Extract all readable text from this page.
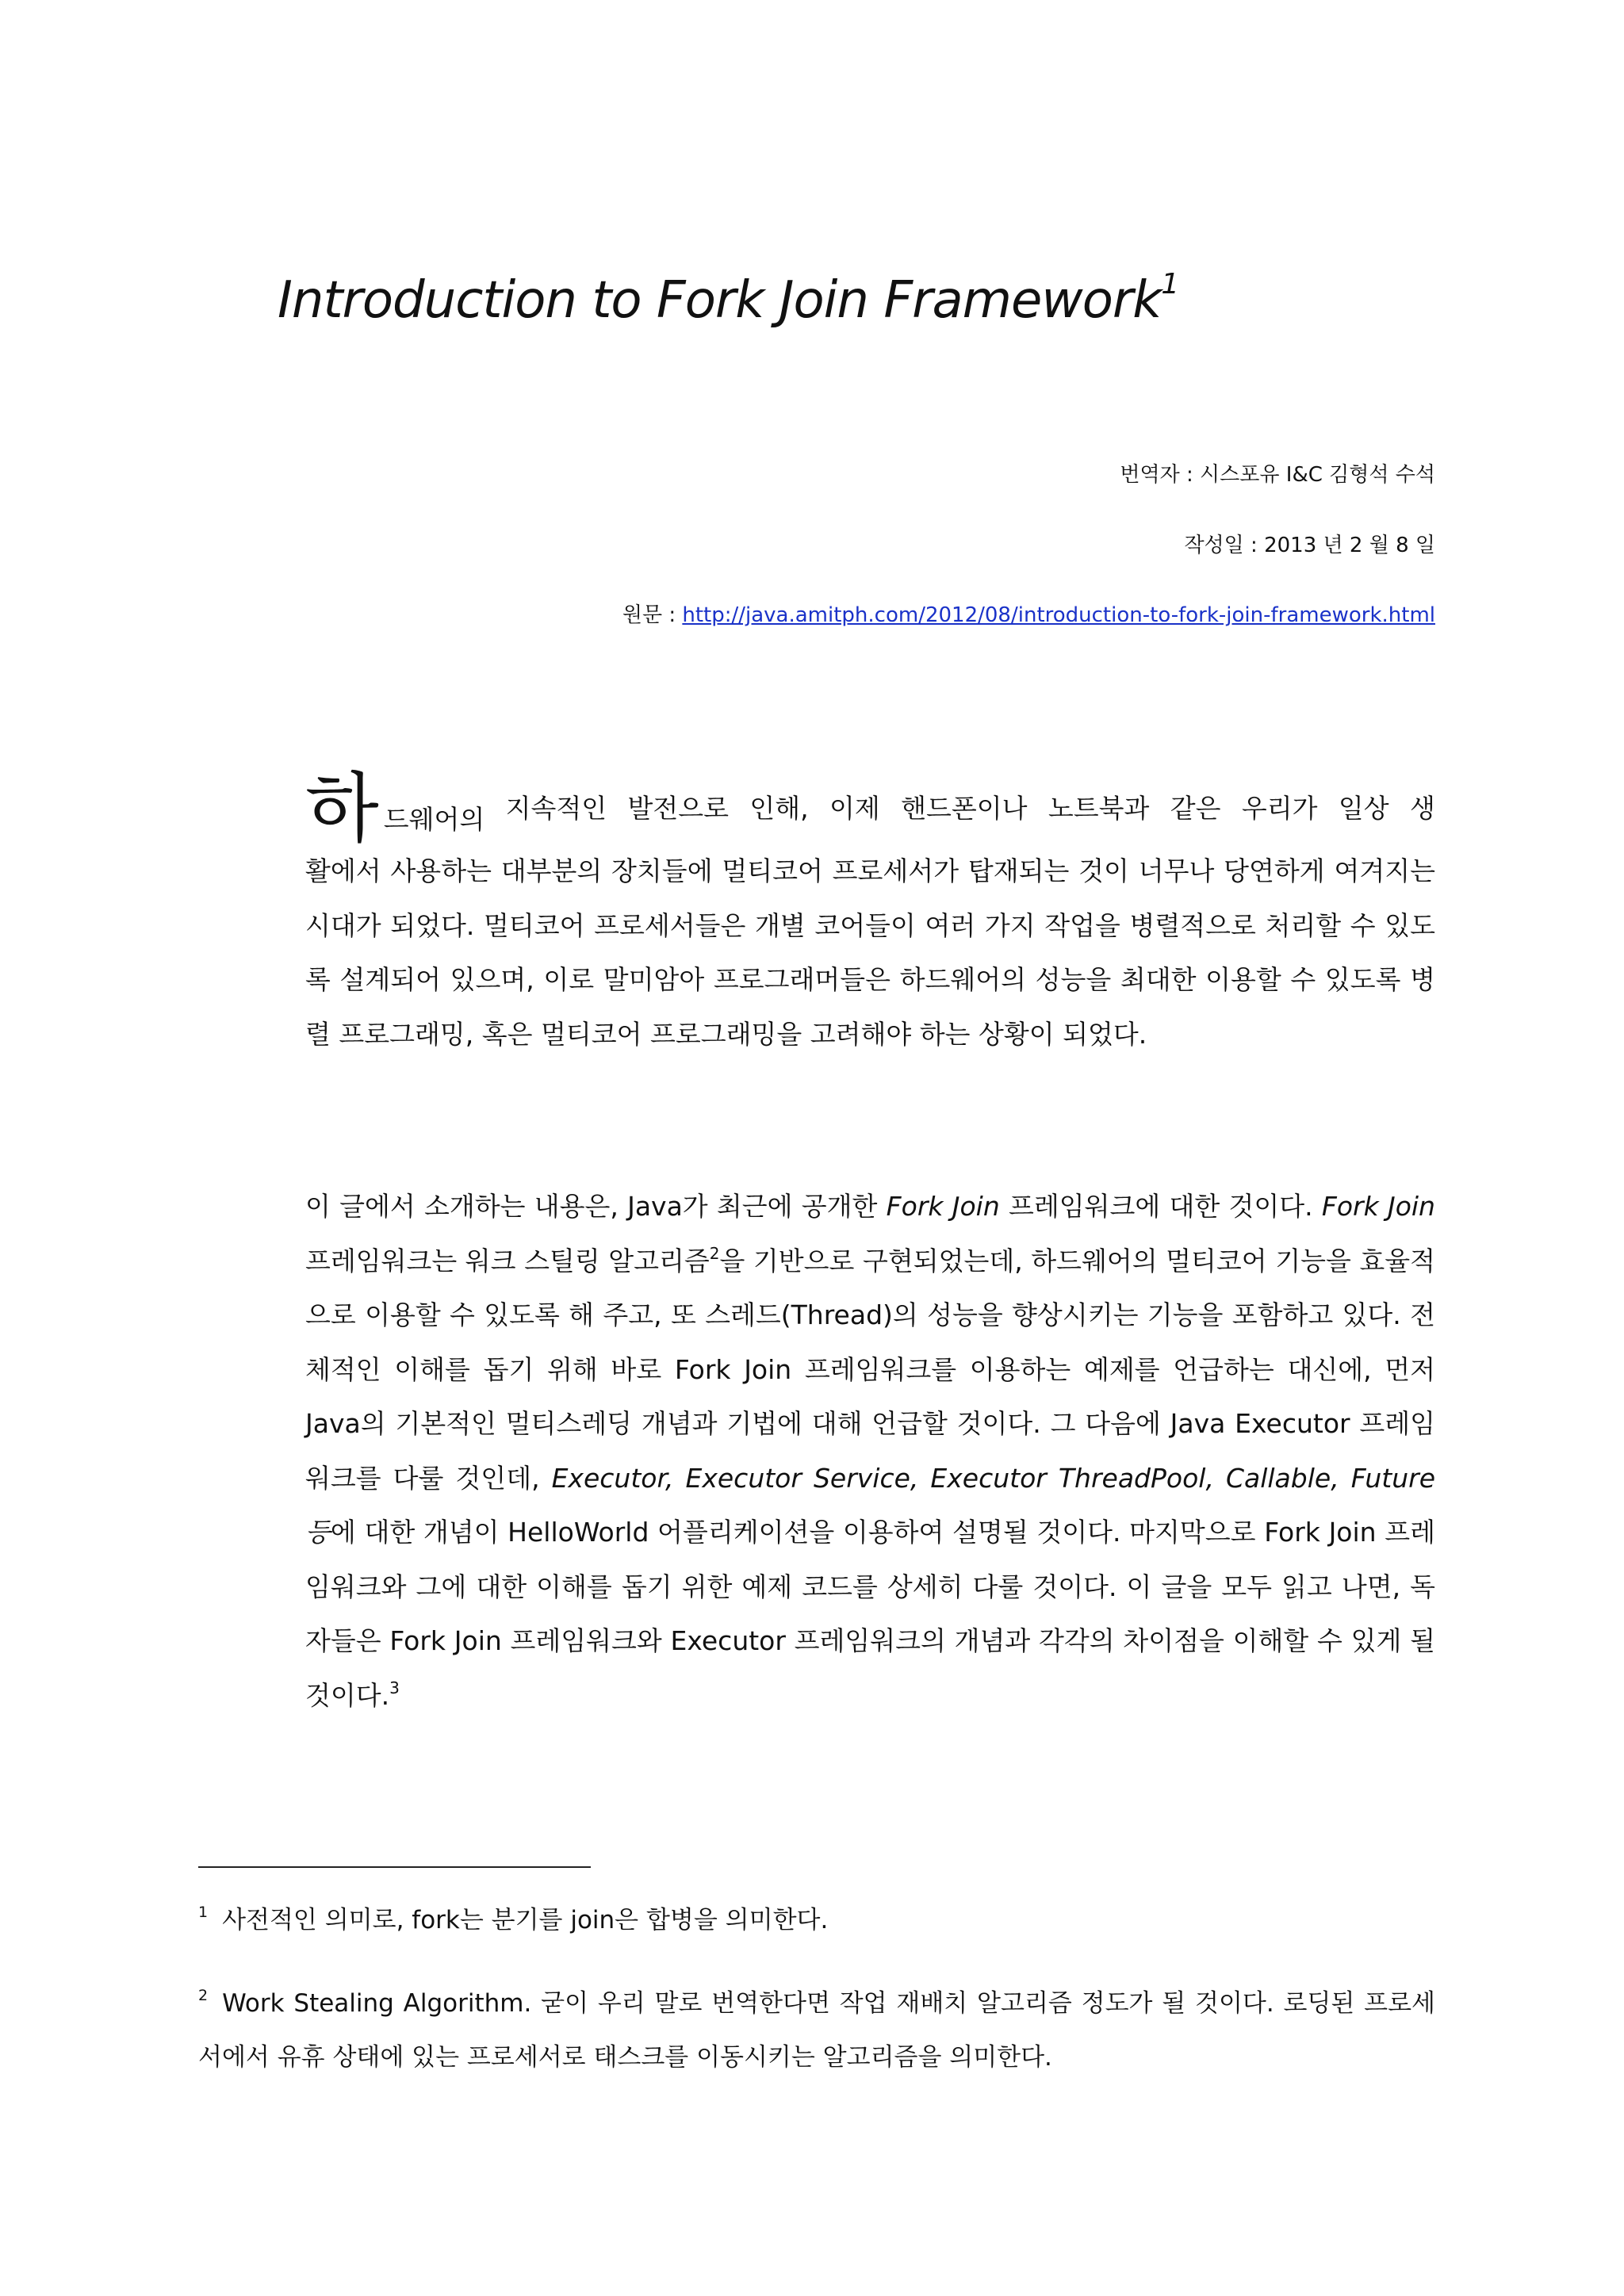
Introduction to Fork Join Framework$^1$
번역자 : 시스포유 I&C 김형석 수석
작성일 : 2013 년 2 월 8 일
원문 : http://java.amitph.com/2012/08/introduction-to-fork-join-framework.html
하드웨어의 지속적인 발전으로 인해, 이제 핸드폰이나 노트북과 같은 우리가 일상 생
활에서 사용하는 대부분의 장치들에 멀티코어 프로세서가 탑재되는 것이 너무나 당연하게 여겨지는 시대가 되었다. 멀티코어 프로세서들은 개별 코어들이 여러 가지 작업을 병렬적으로 처리할 수 있도록 설계되어 있으며, 이로 말미암아 프로그래머들은 하드웨어의 성능을 최대한 이용할 수 있도록 병렬 프로그래밍, 혹은 멀티코어 프로그래밍을 고려해야 하는 상황이 되었다.
이 글에서 소개하는 내용은, Java가 최근에 공개한 Fork Join 프레임워크에 대한 것이다. Fork Join 프레임워크는 워크 스틸링 알고리즘$^2$을 기반으로 구현되었는데, 하드웨어의 멀티코어 기능을 효율적으로 이용할 수 있도록 해 주고, 또 스레드(Thread)의 성능을 향상시키는 기능을 포함하고 있다. 전체적인 이해를 돕기 위해 바로 Fork Join 프레임워크를 이용하는 예제를 언급하는 대신에, 먼저 Java의 기본적인 멀티스레딩 개념과 기법에 대해 언급할 것이다. 그 다음에 Java Executor 프레임워크를 다룰 것인데, Executor, Executor Service, Executor ThreadPool, Callable, Future 등에 대한 개념이 HelloWorld 어플리케이션을 이용하여 설명될 것이다. 마지막으로 Fork Join 프레임워크와 그에 대한 이해를 돕기 위한 예제 코드를 상세히 다룰 것이다. 이 글을 모두 읽고 나면, 독자들은 Fork Join 프레임워크와 Executor 프레임워크의 개념과 각각의 차이점을 이해할 수 있게 될 것이다.$^3$
$^1$ 사전적인 의미로, fork는 분기를 join은 합병을 의미한다.
$^2$ Work Stealing Algorithm. 굳이 우리 말로 번역한다면 작업 재배치 알고리즘 정도가 될 것이다. 로딩된 프로세서에서 유휴 상태에 있는 프로세서로 태스크를 이동시키는 알고리즘을 의미한다.
